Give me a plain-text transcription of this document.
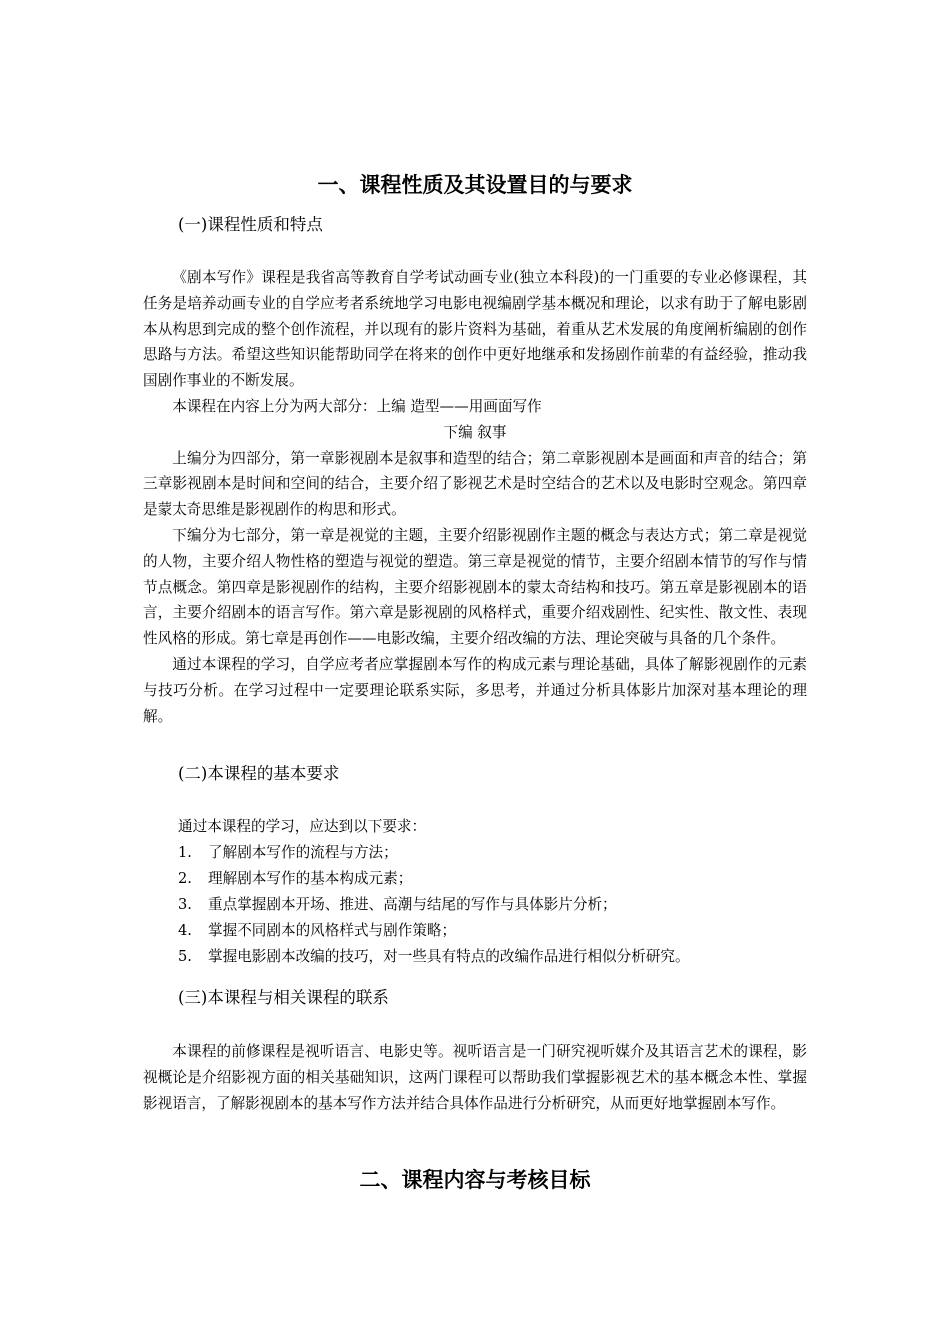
一、课程性质及其设置目的与要求
(一)课程性质和特点

《剧本写作》课程是我省高等教育自学考试动画专业(独立本科段)的一门重要的专业必修课程，其任务是培养动画专业的自学应考者系统地学习电影电视编剧学基本概况和理论，以求有助于了解电影剧本从构思到完成的整个创作流程，并以现有的影片资料为基础，着重从艺术发展的角度阐析编剧的创作思路与方法。希望这些知识能帮助同学在将来的创作中更好地继承和发扬剧作前辈的有益经验，推动我国剧作事业的不断发展。

本课程在内容上分为两大部分：上编 造型——用画面写作

下编 叙事

上编分为四部分，第一章影视剧本是叙事和造型的结合；第二章影视剧本是画面和声音的结合；第三章影视剧本是时间和空间的结合，主要介绍了影视艺术是时空结合的艺术以及电影时空观念。第四章是蒙太奇思维是影视剧作的构思和形式。

下编分为七部分，第一章是视觉的主题，主要介绍影视剧作主题的概念与表达方式；第二章是视觉的人物，主要介绍人物性格的塑造与视觉的塑造。第三章是视觉的情节，主要介绍剧本情节的写作与情节点概念。第四章是影视剧作的结构，主要介绍影视剧本的蒙太奇结构和技巧。第五章是影视剧本的语言，主要介绍剧本的语言写作。第六章是影视剧的风格样式，重要介绍戏剧性、纪实性、散文性、表现性风格的形成。第七章是再创作——电影改编，主要介绍改编的方法、理论突破与具备的几个条件。

通过本课程的学习，自学应考者应掌握剧本写作的构成元素与理论基础，具体了解影视剧作的元素与技巧分析。在学习过程中一定要理论联系实际，多思考，并通过分析具体影片加深对基本理论的理解。

(二)本课程的基本要求
通过本课程的学习，应达到以下要求：
1.	了解剧本写作的流程与方法；
2.	理解剧本写作的基本构成元素；
3.	重点掌握剧本开场、推进、高潮与结尾的写作与具体影片分析；
4.	掌握不同剧本的风格样式与剧作策略；
5.	掌握电影剧本改编的技巧，对一些具有特点的改编作品进行相似分析研究。
(三)本课程与相关课程的联系

本课程的前修课程是视听语言、电影史等。视听语言是一门研究视听媒介及其语言艺术的课程，影视概论是介绍影视方面的相关基础知识，这两门课程可以帮助我们掌握影视艺术的基本概念本性、掌握影视语言，了解影视剧本的基本写作方法并结合具体作品进行分析研究，从而更好地掌握剧本写作。

二、课程内容与考核目标
